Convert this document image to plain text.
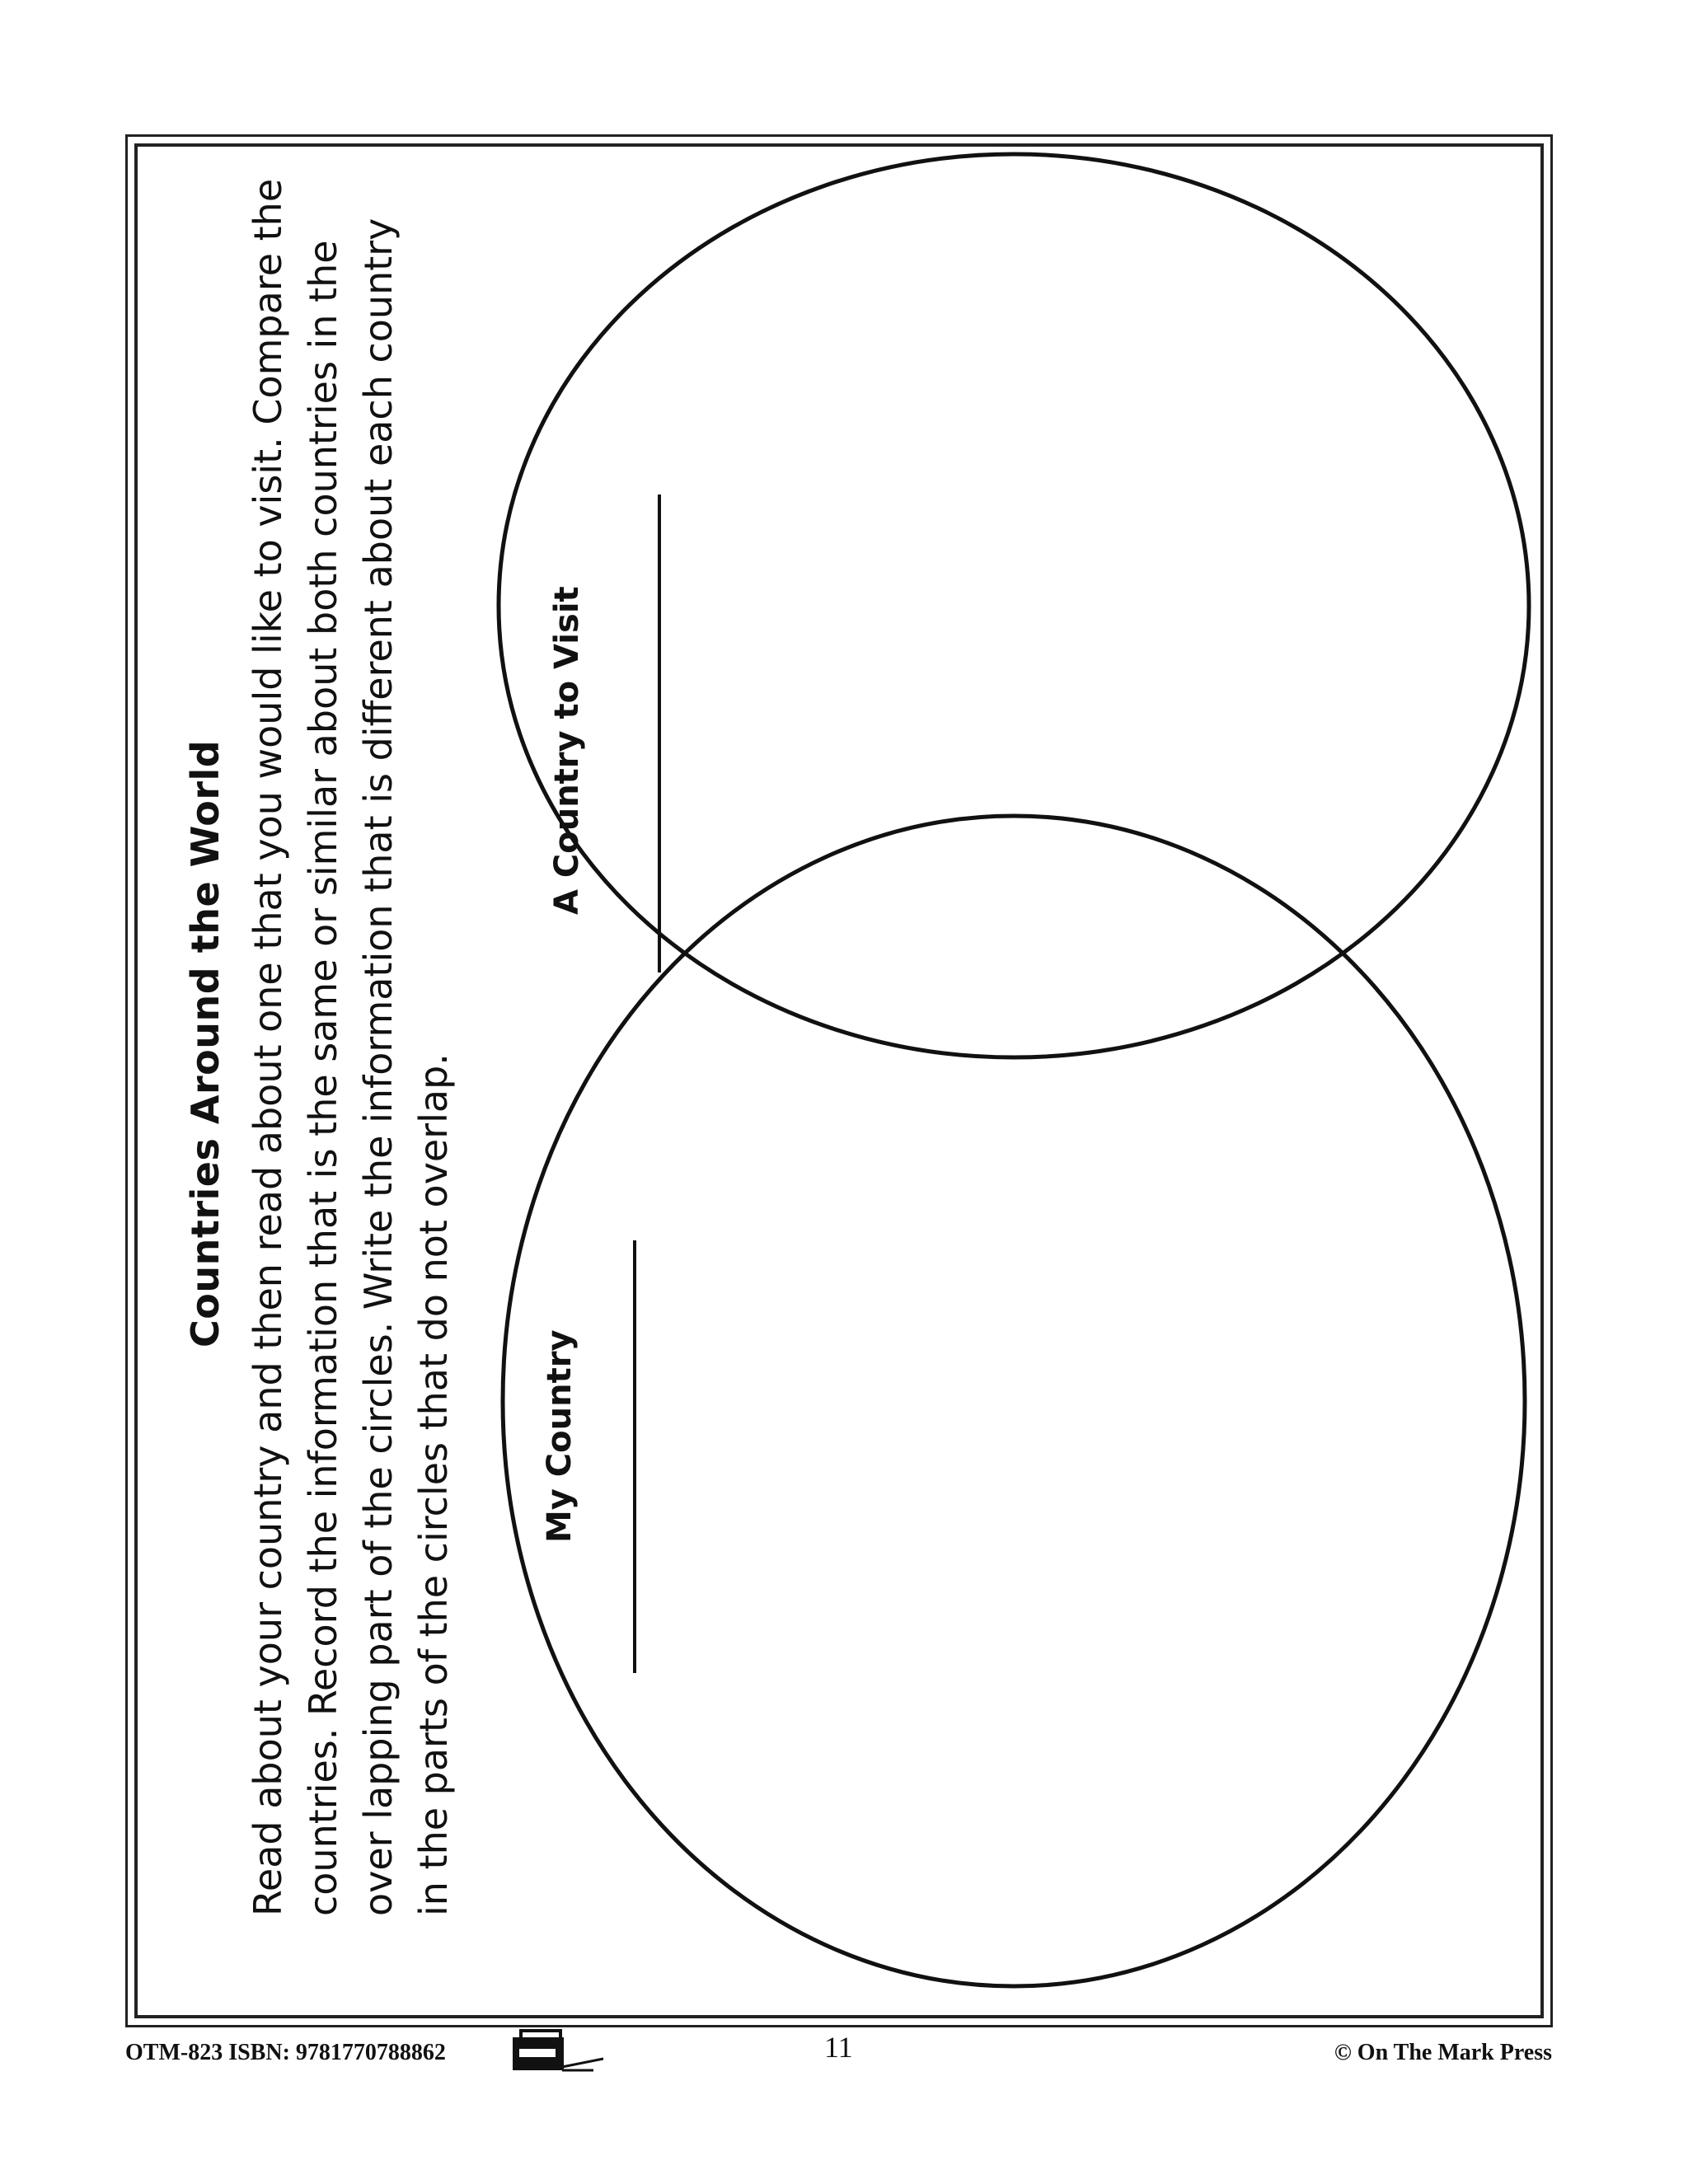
Countries Around the World Read about your country and then read about one that you would like to visit. Compare the countries. Record the information that is the same or similar about both countries in the over lapping part of the circles. Write the information that is different about each country in the parts of the circles that do not overlap.	My Country
A Country to Visit
OTM-823 ISBN: 9781770788862	11	© On The Mark Press
